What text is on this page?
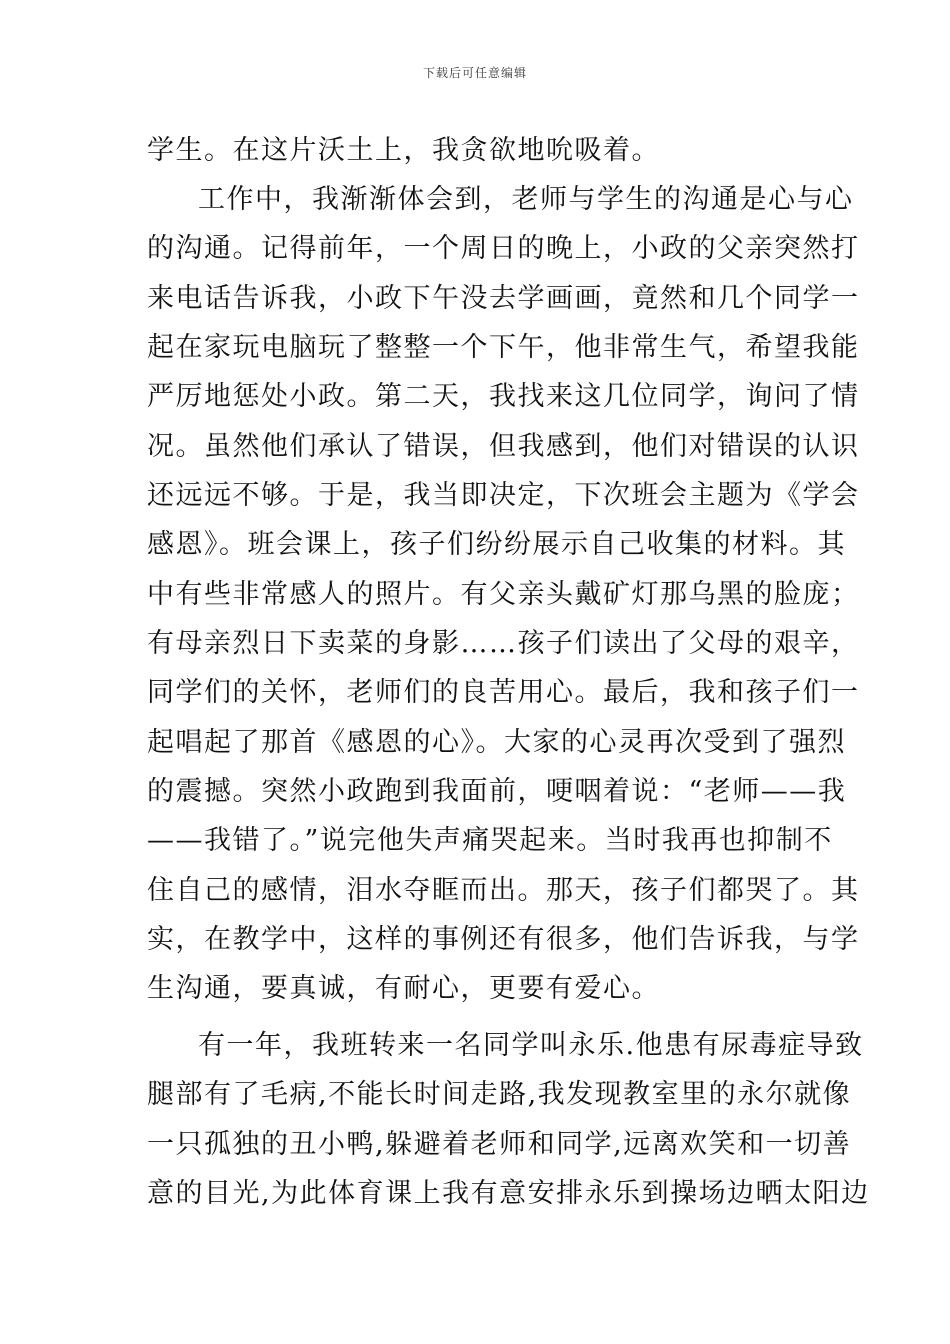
下载后可任意编辑
学生。在这片沃土上，我贪欲地吮吸着。
工作中，我渐渐体会到，老师与学生的沟通是心与心
的沟通。记得前年，一个周日的晚上，小政的父亲突然打
来电话告诉我，小政下午没去学画画，竟然和几个同学一
起在家玩电脑玩了整整一个下午，他非常生气，希望我能
严厉地惩处小政。第二天，我找来这几位同学，询问了情
况。虽然他们承认了错误，但我感到，他们对错误的认识
还远远不够。于是，我当即决定，下次班会主题为《学会
感恩》。班会课上，孩子们纷纷展示自己收集的材料。其
中有些非常感人的照片。有父亲头戴矿灯那乌黑的脸庞；
有母亲烈日下卖菜的身影……孩子们读出了父母的艰辛，
同学们的关怀，老师们的良苦用心。最后，我和孩子们一
起唱起了那首《感恩的心》。大家的心灵再次受到了强烈
的震撼。突然小政跑到我面前，哽咽着说：“老师——我
——我错了。”说完他失声痛哭起来。当时我再也抑制不
住自己的感情，泪水夺眶而出。那天，孩子们都哭了。其
实，在教学中，这样的事例还有很多，他们告诉我，与学
生沟通，要真诚，有耐心，更要有爱心。
有一年，我班转来一名同学叫永乐.他患有尿毒症导致
腿部有了毛病,不能长时间走路,我发现教室里的永尔就像
一只孤独的丑小鸭,躲避着老师和同学,远离欢笑和一切善
意的目光,为此体育课上我有意安排永乐到操场边晒太阳边
